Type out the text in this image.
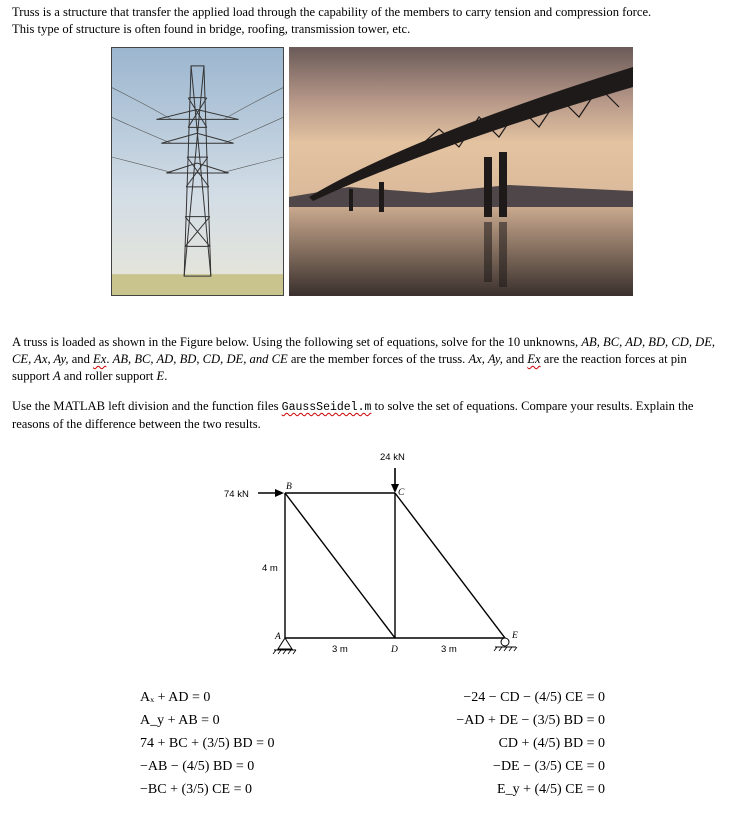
Truss is a structure that transfer the applied load through the capability of the members to carry tension and compression force.
This type of structure is often found in bridge, roofing, transmission tower, etc.
A truss is loaded as shown in the Figure below. Using the following set of equations, solve for the 10 unknowns, AB, BC, AD, BD, CD, DE, CE, Ax, Ay, and Ex. AB, BC, AD, BD, CD, DE, and CE are the member forces of the truss. Ax, Ay, and Ex are the reaction forces at pin support A and roller support E.
Use the MATLAB left division and the function files GaussSeidel.m to solve the set of equations. Compare your results. Explain the reasons of the difference between the two results.
24 kN
74 kN
4 m
3 m	3 m
A
B
C
D
E
Aₓ + AD = 0
A_y + AB = 0
74 + BC + (3/5) BD = 0
−AB − (4/5) BD = 0
−BC + (3/5) CE = 0
−24 − CD − (4/5) CE = 0
−AD + DE − (3/5) BD = 0
CD + (4/5) BD = 0
−DE − (3/5) CE = 0
E_y + (4/5) CE = 0
